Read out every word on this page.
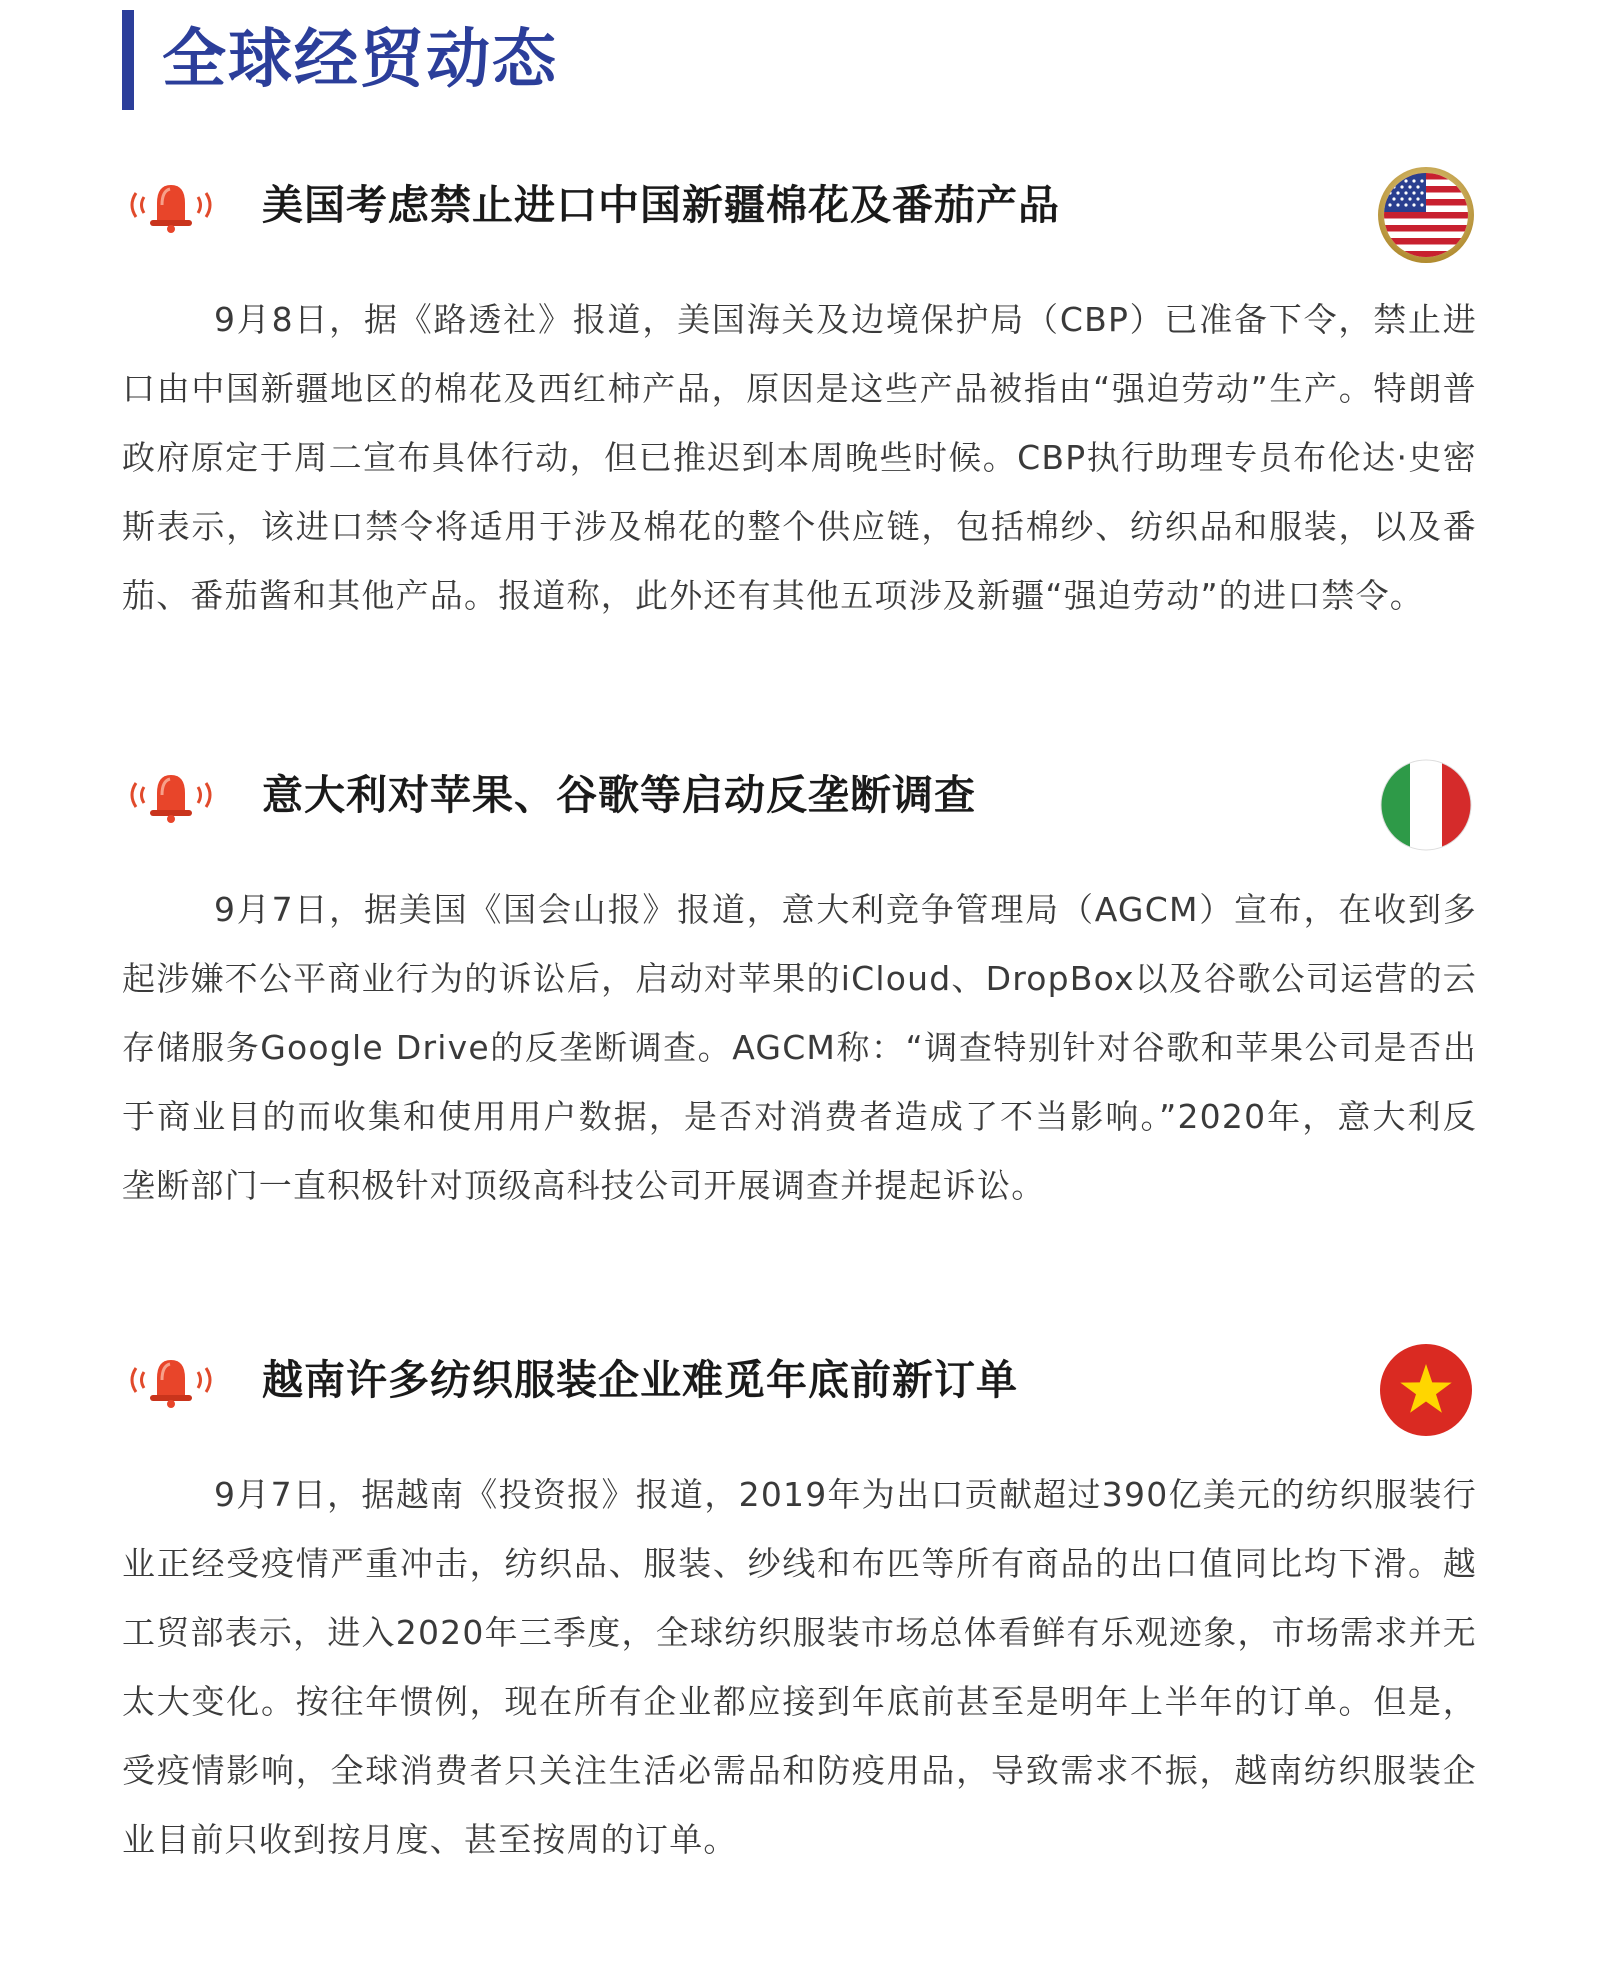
全球经贸动态
美国考虑禁止进口中国新疆棉花及番茄产品

9月8日，据《路透社》报道，美国海关及边境保护局（CBP）已准备下令，禁止进口由中国新疆地区的棉花及西红柿产品，原因是这些产品被指由“强迫劳动”生产。特朗普政府原定于周二宣布具体行动，但已推迟到本周晚些时候。CBP执行助理专员布伦达·史密斯表示，该进口禁令将适用于涉及棉花的整个供应链，包括棉纱、纺织品和服装，以及番茄、番茄酱和其他产品。报道称，此外还有其他五项涉及新疆“强迫劳动”的进口禁令。

意大利对苹果、谷歌等启动反垄断调查

9月7日，据美国《国会山报》报道，意大利竞争管理局（AGCM）宣布，在收到多起涉嫌不公平商业行为的诉讼后，启动对苹果的iCloud、DropBox以及谷歌公司运营的云存储服务Google Drive的反垄断调查。AGCM称：“调查特别针对谷歌和苹果公司是否出于商业目的而收集和使用用户数据，是否对消费者造成了不当影响。”2020年，意大利反垄断部门一直积极针对顶级高科技公司开展调查并提起诉讼。

越南许多纺织服装企业难觅年底前新订单

9月7日，据越南《投资报》报道，2019年为出口贡献超过390亿美元的纺织服装行业正经受疫情严重冲击，纺织品、服装、纱线和布匹等所有商品的出口值同比均下滑。越工贸部表示，进入2020年三季度，全球纺织服装市场总体看鲜有乐观迹象，市场需求并无太大变化。按往年惯例，现在所有企业都应接到年底前甚至是明年上半年的订单。但是，受疫情影响，全球消费者只关注生活必需品和防疫用品，导致需求不振，越南纺织服装企业目前只收到按月度、甚至按周的订单。
